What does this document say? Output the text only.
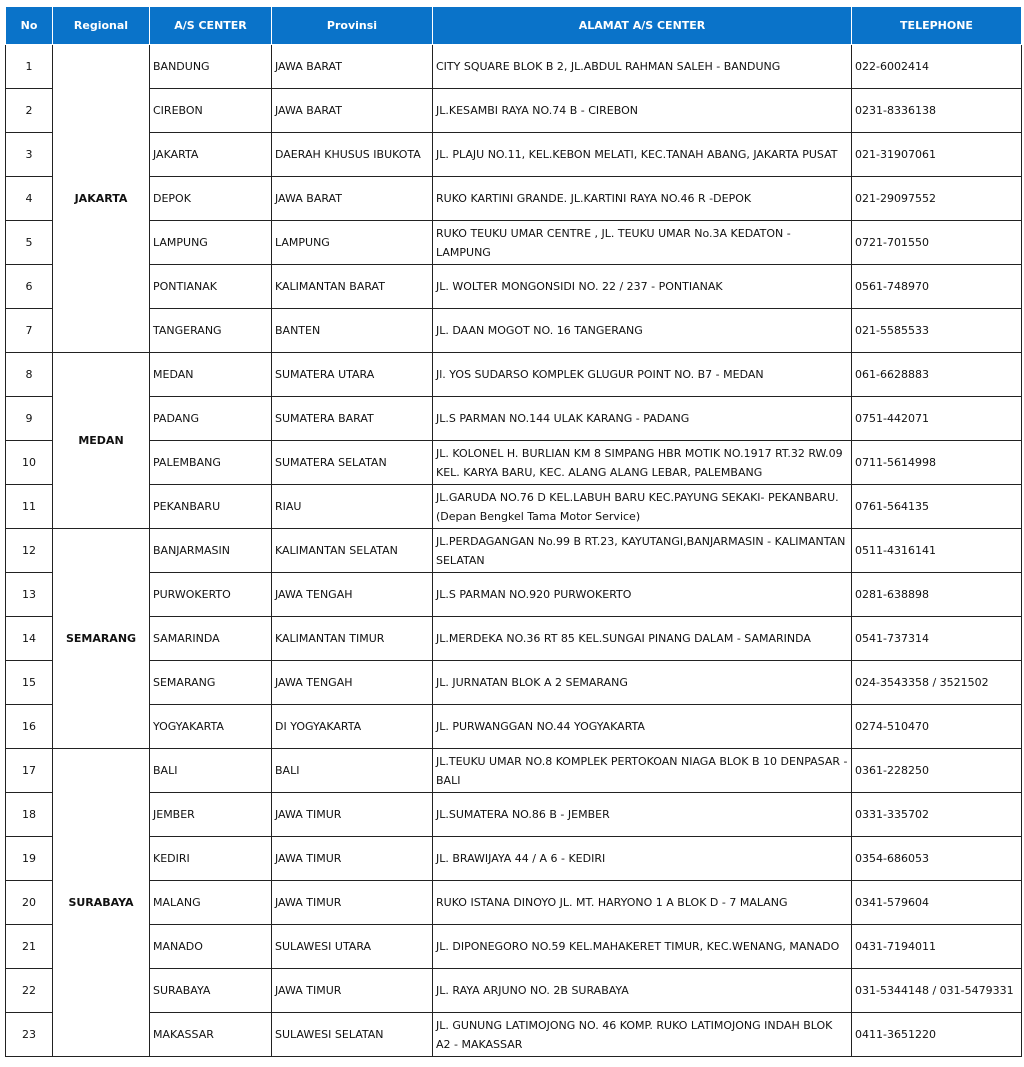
No	Regional	A/S CENTER	Provinsi	ALAMAT A/S CENTER	TELEPHONE
1	JAKARTA	BANDUNG	JAWA BARAT	CITY SQUARE BLOK B 2, JL.ABDUL RAHMAN SALEH - BANDUNG	022-6002414
2		CIREBON	JAWA BARAT	JL.KESAMBI RAYA NO.74 B - CIREBON	0231-8336138
3		JAKARTA	DAERAH KHUSUS IBUKOTA	JL. PLAJU NO.11, KEL.KEBON MELATI, KEC.TANAH ABANG, JAKARTA PUSAT	021-31907061
4		DEPOK	JAWA BARAT	RUKO KARTINI GRANDE. JL.KARTINI RAYA NO.46 R -DEPOK	021-29097552
5		LAMPUNG	LAMPUNG	RUKO TEUKU UMAR CENTRE , JL. TEUKU UMAR No.3A KEDATON - LAMPUNG	0721-701550
6		PONTIANAK	KALIMANTAN BARAT	JL. WOLTER MONGONSIDI NO. 22 / 237 - PONTIANAK	0561-748970
7		TANGERANG	BANTEN	JL. DAAN MOGOT NO. 16 TANGERANG	021-5585533
8	MEDAN	MEDAN	SUMATERA UTARA	Jl. YOS SUDARSO KOMPLEK GLUGUR POINT NO. B7 - MEDAN	061-6628883
9		PADANG	SUMATERA BARAT	JL.S PARMAN NO.144 ULAK KARANG - PADANG	0751-442071
10		PALEMBANG	SUMATERA SELATAN	JL. KOLONEL H. BURLIAN KM 8 SIMPANG HBR MOTIK NO.1917 RT.32 RW.09 KEL. KARYA BARU, KEC. ALANG ALANG LEBAR, PALEMBANG	0711-5614998
11		PEKANBARU	RIAU	JL.GARUDA NO.76 D KEL.LABUH BARU KEC.PAYUNG SEKAKI- PEKANBARU. (Depan Bengkel Tama Motor Service)	0761-564135
12	SEMARANG	BANJARMASIN	KALIMANTAN SELATAN	JL.PERDAGANGAN No.99 B RT.23, KAYUTANGI,BANJARMASIN - KALIMANTAN SELATAN	0511-4316141
13		PURWOKERTO	JAWA TENGAH	JL.S PARMAN NO.920 PURWOKERTO	0281-638898
14		SAMARINDA	KALIMANTAN TIMUR	JL.MERDEKA NO.36 RT 85 KEL.SUNGAI PINANG DALAM - SAMARINDA	0541-737314
15		SEMARANG	JAWA TENGAH	JL. JURNATAN BLOK A 2 SEMARANG	024-3543358 / 3521502
16		YOGYAKARTA	DI YOGYAKARTA	JL. PURWANGGAN NO.44 YOGYAKARTA	0274-510470
17	SURABAYA	BALI	BALI	JL.TEUKU UMAR NO.8 KOMPLEK PERTOKOAN NIAGA BLOK B 10 DENPASAR - BALI	0361-228250
18		JEMBER	JAWA TIMUR	JL.SUMATERA NO.86 B - JEMBER	0331-335702
19		KEDIRI	JAWA TIMUR	JL. BRAWIJAYA 44 / A 6 - KEDIRI	0354-686053
20		MALANG	JAWA TIMUR	RUKO ISTANA DINOYO JL. MT. HARYONO 1 A BLOK D - 7 MALANG	0341-579604
21		MANADO	SULAWESI UTARA	JL. DIPONEGORO NO.59 KEL.MAHAKERET TIMUR, KEC.WENANG, MANADO	0431-7194011
22		SURABAYA	JAWA TIMUR	JL. RAYA ARJUNO NO. 2B SURABAYA	031-5344148 / 031-5479331
23		MAKASSAR	SULAWESI SELATAN	JL. GUNUNG LATIMOJONG NO. 46 KOMP. RUKO LATIMOJONG INDAH BLOK A2 - MAKASSAR	0411-3651220
